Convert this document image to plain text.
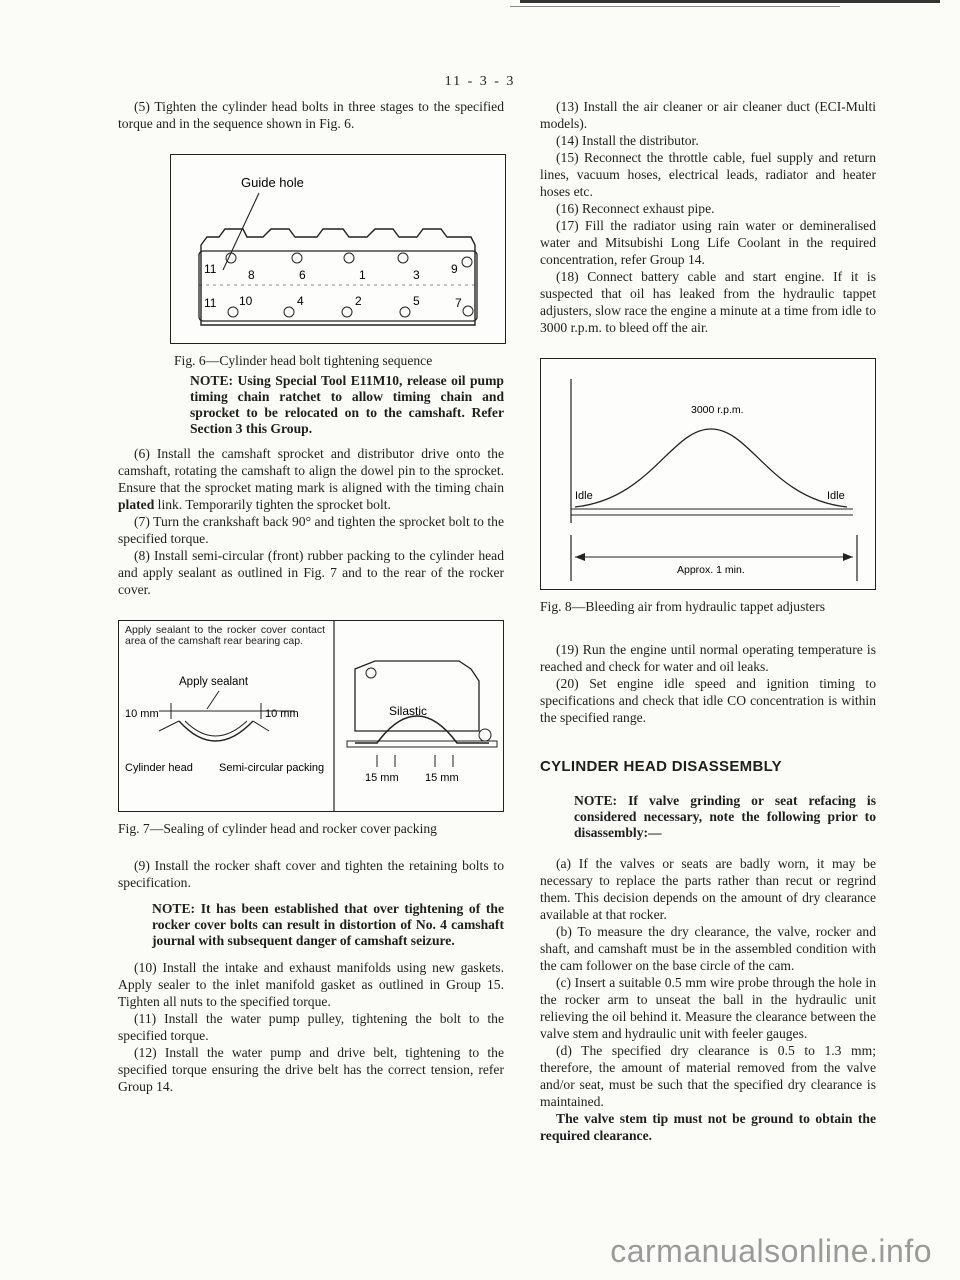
11 - 3 - 3

(5) Tighten the cylinder head bolts in three stages to the specified torque and in the sequence shown in Fig. 6.

Guide hole
11	8	6	1	3	9
11 10	4	2	5	7

Fig. 6—Cylinder head bolt tightening sequence

NOTE: Using Special Tool E11M10, release oil pump timing chain ratchet to allow timing chain and sprocket to be relocated on to the camshaft. Refer Section 3 this Group.

(6) Install the camshaft sprocket and distributor drive onto the camshaft, rotating the camshaft to align the dowel pin to the sprocket. Ensure that the sprocket mating mark is aligned with the timing chain plated link. Temporarily tighten the sprocket bolt.

(7) Turn the crankshaft back 90° and tighten the sprocket bolt to the specified torque.

(8) Install semi-circular (front) rubber packing to the cylinder head and apply sealant as outlined in Fig. 7 and to the rear of the rocker cover.

Apply sealant to the rocker cover contact area of the camshaft rear bearing cap.
Apply sealant
10 mm	10 mm
Cylinder head Semi-circular packing
Silastic
15 mm 15 mm

Fig. 7—Sealing of cylinder head and rocker cover packing

(9) Install the rocker shaft cover and tighten the retaining bolts to specification.

NOTE: It has been established that over tightening of the rocker cover bolts can result in distortion of No. 4 camshaft journal with subsequent danger of camshaft seizure.

(10) Install the intake and exhaust manifolds using new gaskets. Apply sealer to the inlet manifold gasket as outlined in Group 15. Tighten all nuts to the specified torque.

(11) Install the water pump pulley, tightening the bolt to the specified torque.

(12) Install the water pump and drive belt, tightening to the specified torque ensuring the drive belt has the correct tension, refer Group 14.

(13) Install the air cleaner or air cleaner duct (ECI-Multi models).

(14) Install the distributor.

(15) Reconnect the throttle cable, fuel supply and return lines, vacuum hoses, electrical leads, radiator and heater hoses etc.

(16) Reconnect exhaust pipe.

(17) Fill the radiator using rain water or demineralised water and Mitsubishi Long Life Coolant in the required concentration, refer Group 14.

(18) Connect battery cable and start engine. If it is suspected that oil has leaked from the hydraulic tappet adjusters, slow race the engine a minute at a time from idle to 3000 r.p.m. to bleed off the air.

3000 r.p.m.
Idle	Idle
Approx. 1 min.

Fig. 8—Bleeding air from hydraulic tappet adjusters

(19) Run the engine until normal operating temperature is reached and check for water and oil leaks.

(20) Set engine idle speed and ignition timing to specifications and check that idle CO concentration is within the specified range.

CYLINDER HEAD DISASSEMBLY

NOTE: If valve grinding or seat refacing is considered necessary, note the following prior to disassembly:—

(a) If the valves or seats are badly worn, it may be necessary to replace the parts rather than recut or regrind them. This decision depends on the amount of dry clearance available at that rocker.

(b) To measure the dry clearance, the valve, rocker and shaft, and camshaft must be in the assembled condition with the cam follower on the base circle of the cam.

(c) Insert a suitable 0.5 mm wire probe through the hole in the rocker arm to unseat the ball in the hydraulic unit relieving the oil behind it. Measure the clearance between the valve stem and hydraulic unit with feeler gauges.

(d) The specified dry clearance is 0.5 to 1.3 mm; therefore, the amount of material removed from the valve and/or seat, must be such that the specified dry clearance is maintained.

The valve stem tip must not be ground to obtain the required clearance.

carmanualsonline.info
